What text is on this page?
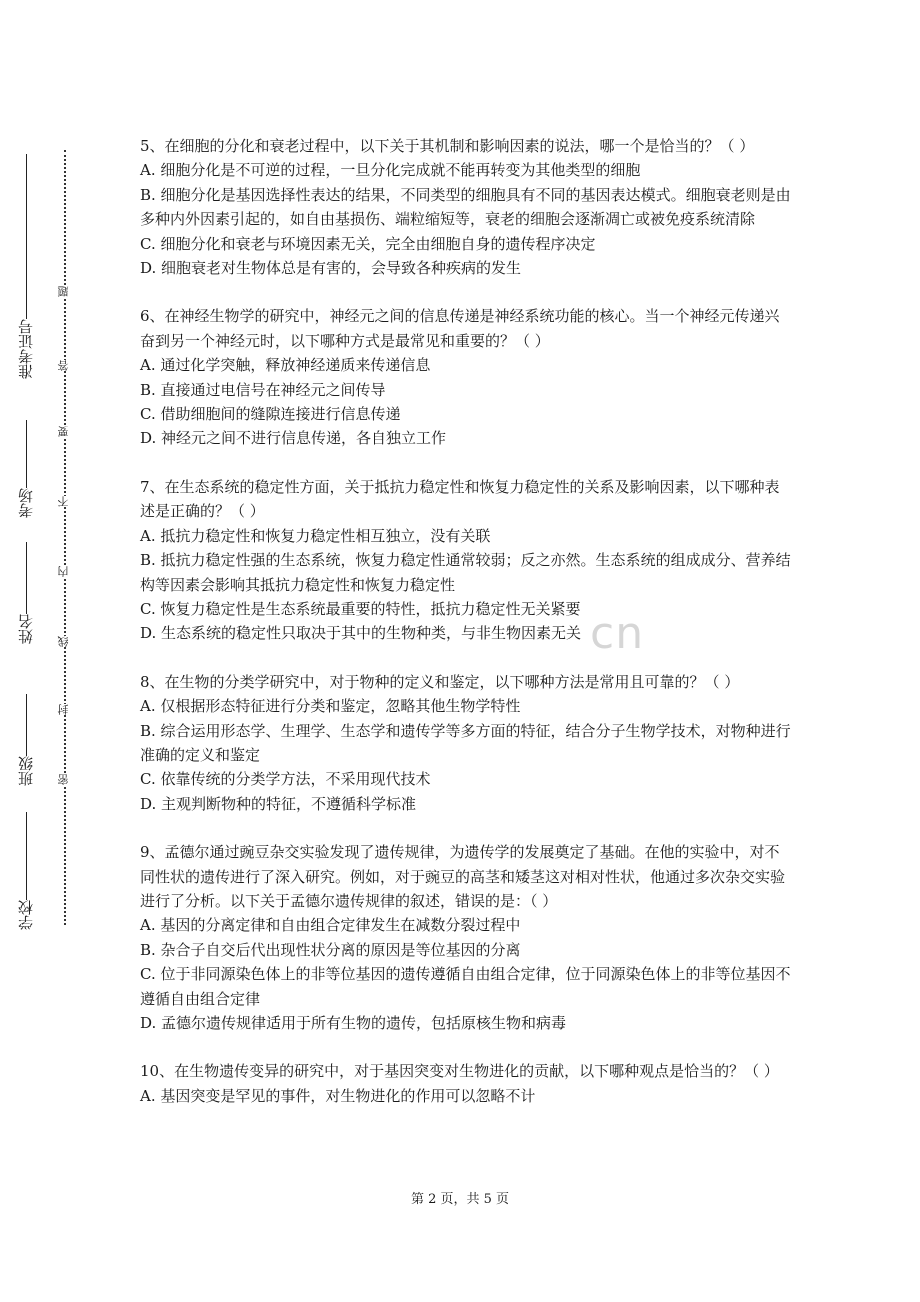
准考证号
考场
姓名
班级
学校
题
答
要
不
内
线
封
密
cn

5、在细胞的分化和衰老过程中，以下关于其机制和影响因素的说法，哪一个是恰当的？（ ）

A. 细胞分化是不可逆的过程，一旦分化完成就不能再转变为其他类型的细胞

B. 细胞分化是基因选择性表达的结果，不同类型的细胞具有不同的基因表达模式。细胞衰老则是由多种内外因素引起的，如自由基损伤、端粒缩短等，衰老的细胞会逐渐凋亡或被免疫系统清除

C. 细胞分化和衰老与环境因素无关，完全由细胞自身的遗传程序决定

D. 细胞衰老对生物体总是有害的，会导致各种疾病的发生

6、在神经生物学的研究中，神经元之间的信息传递是神经系统功能的核心。当一个神经元传递兴奋到另一个神经元时，以下哪种方式是最常见和重要的？（ ）

A. 通过化学突触，释放神经递质来传递信息

B. 直接通过电信号在神经元之间传导

C. 借助细胞间的缝隙连接进行信息传递

D. 神经元之间不进行信息传递，各自独立工作

7、在生态系统的稳定性方面，关于抵抗力稳定性和恢复力稳定性的关系及影响因素，以下哪种表述是正确的？（ ）

A. 抵抗力稳定性和恢复力稳定性相互独立，没有关联

B. 抵抗力稳定性强的生态系统，恢复力稳定性通常较弱；反之亦然。生态系统的组成成分、营养结构等因素会影响其抵抗力稳定性和恢复力稳定性

C. 恢复力稳定性是生态系统最重要的特性，抵抗力稳定性无关紧要

D. 生态系统的稳定性只取决于其中的生物种类，与非生物因素无关

8、在生物的分类学研究中，对于物种的定义和鉴定，以下哪种方法是常用且可靠的？（ ）

A. 仅根据形态特征进行分类和鉴定，忽略其他生物学特性

B. 综合运用形态学、生理学、生态学和遗传学等多方面的特征，结合分子生物学技术，对物种进行准确的定义和鉴定

C. 依靠传统的分类学方法，不采用现代技术

D. 主观判断物种的特征，不遵循科学标准

9、孟德尔通过豌豆杂交实验发现了遗传规律，为遗传学的发展奠定了基础。在他的实验中，对不同性状的遗传进行了深入研究。例如，对于豌豆的高茎和矮茎这对相对性状，他通过多次杂交实验进行了分析。以下关于孟德尔遗传规律的叙述，错误的是：（ ）

A. 基因的分离定律和自由组合定律发生在减数分裂过程中

B. 杂合子自交后代出现性状分离的原因是等位基因的分离

C. 位于非同源染色体上的非等位基因的遗传遵循自由组合定律，位于同源染色体上的非等位基因不遵循自由组合定律

D. 孟德尔遗传规律适用于所有生物的遗传，包括原核生物和病毒

10、在生物遗传变异的研究中，对于基因突变对生物进化的贡献，以下哪种观点是恰当的？（ ）

A. 基因突变是罕见的事件，对生物进化的作用可以忽略不计

第 2 页，共 5 页
